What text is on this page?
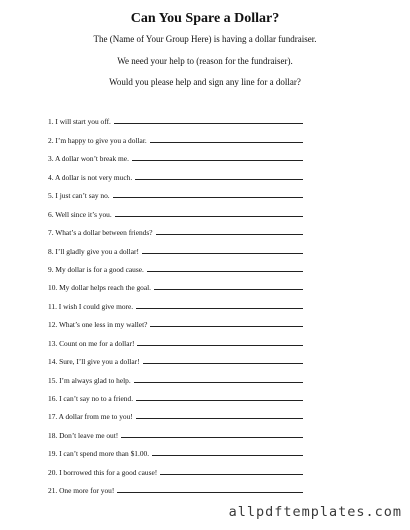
Can You Spare a Dollar?
The (Name of Your Group Here) is having a dollar fundraiser.
We need your help to (reason for the fundraiser).
Would you please help and sign any line for a dollar?
1. I will start you off.
2. I’m happy to give you a dollar.
3. A dollar won’t break me.
4. A dollar is not very much.
5. I just can’t say no.
6. Well since it’s you.
7. What’s a dollar between friends?
8. I’ll gladly give you a dollar!
9. My dollar is for a good cause.
10. My dollar helps reach the goal.
11. I wish I could give more.
12. What’s one less in my wallet?
13. Count on me for a dollar!
14. Sure, I’ll give you a dollar!
15. I’m always glad to help.
16. I can’t say no to a friend.
17. A dollar from me to you!
18. Don’t leave me out!
19. I can’t spend more than $1.00.
20. I borrowed this for a good cause!
21. One more for you!
allpdftemplates.com
